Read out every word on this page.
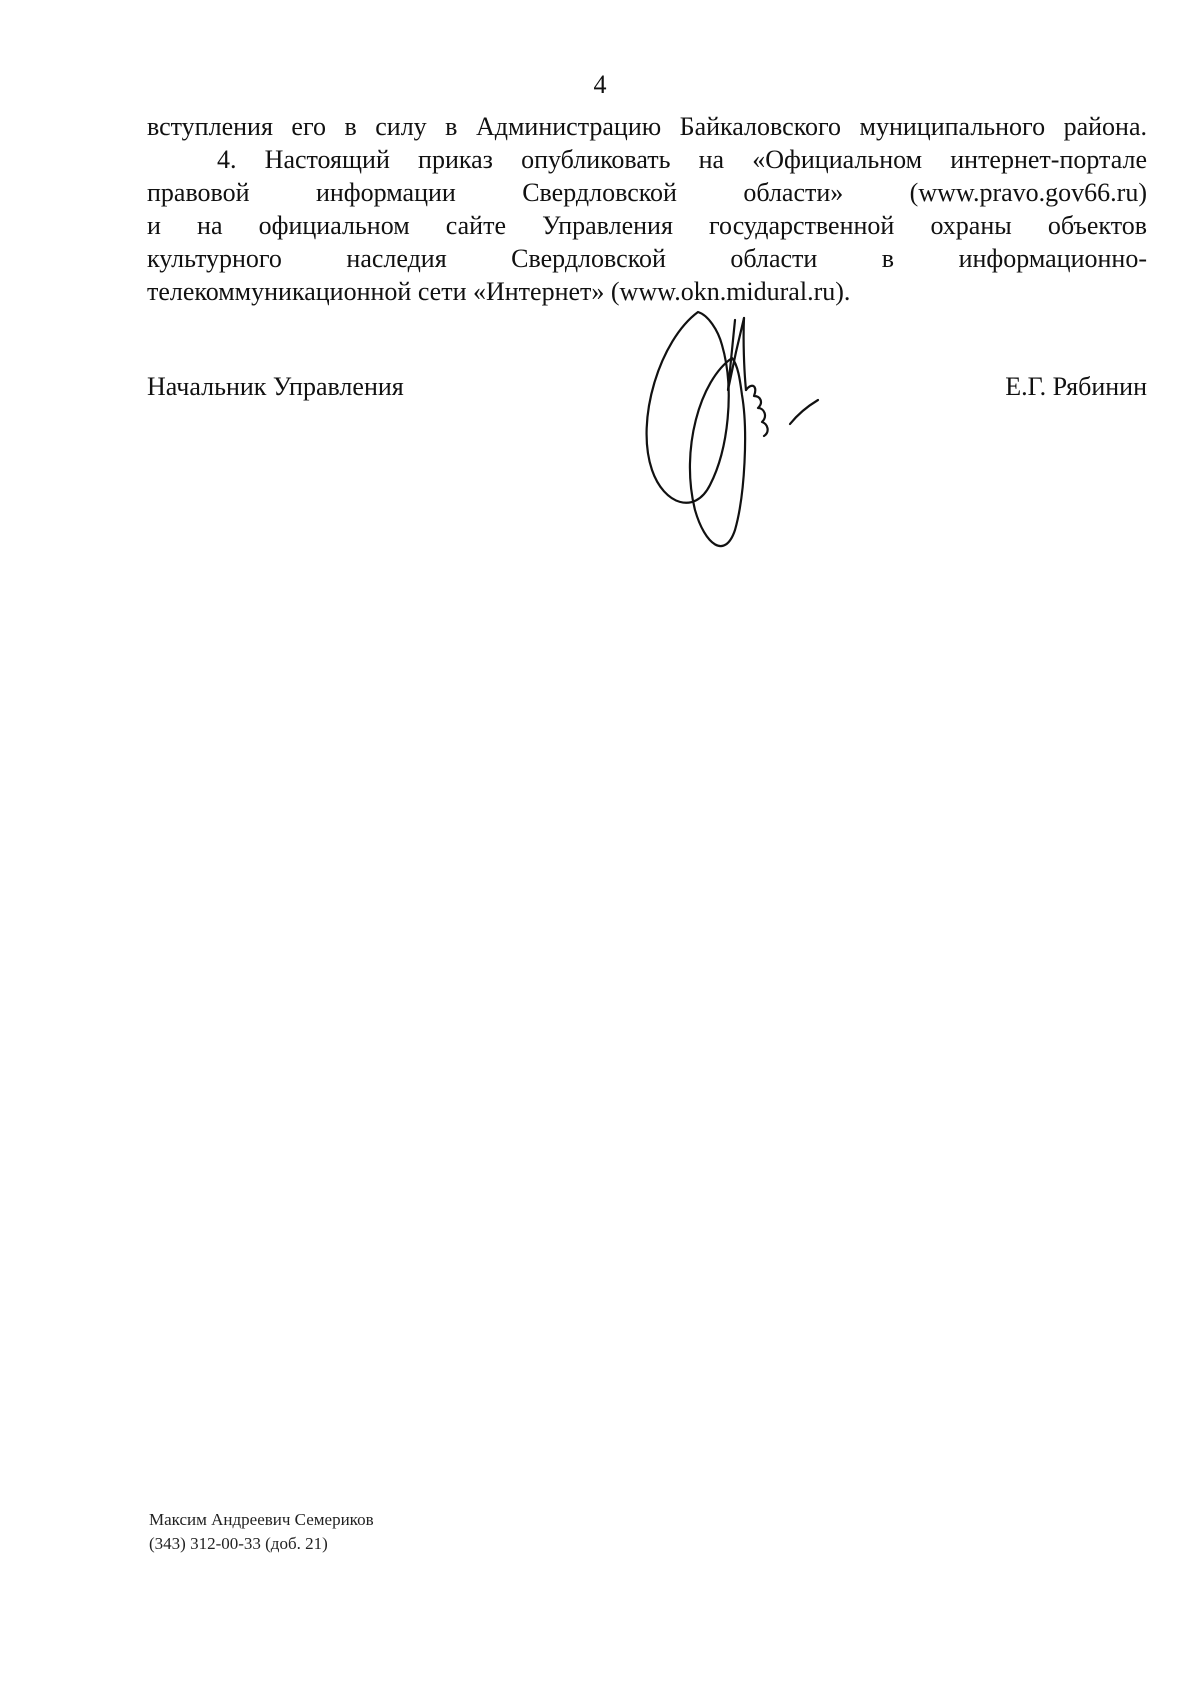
4
вступления его в силу в Администрацию Байкаловского муниципального района.
4. Настоящий приказ опубликовать на «Официальном интернет-портале
правовой информации Свердловской области» (www.pravo.gov66.ru)
и на официальном сайте Управления государственной охраны объектов
культурного наследия Свердловской области в информационно-
телекоммуникационной сети «Интернет» (www.okn.midural.ru).
Начальник Управления	Е.Г. Рябинин
Максим Андреевич Семериков
(343) 312-00-33 (доб. 21)
